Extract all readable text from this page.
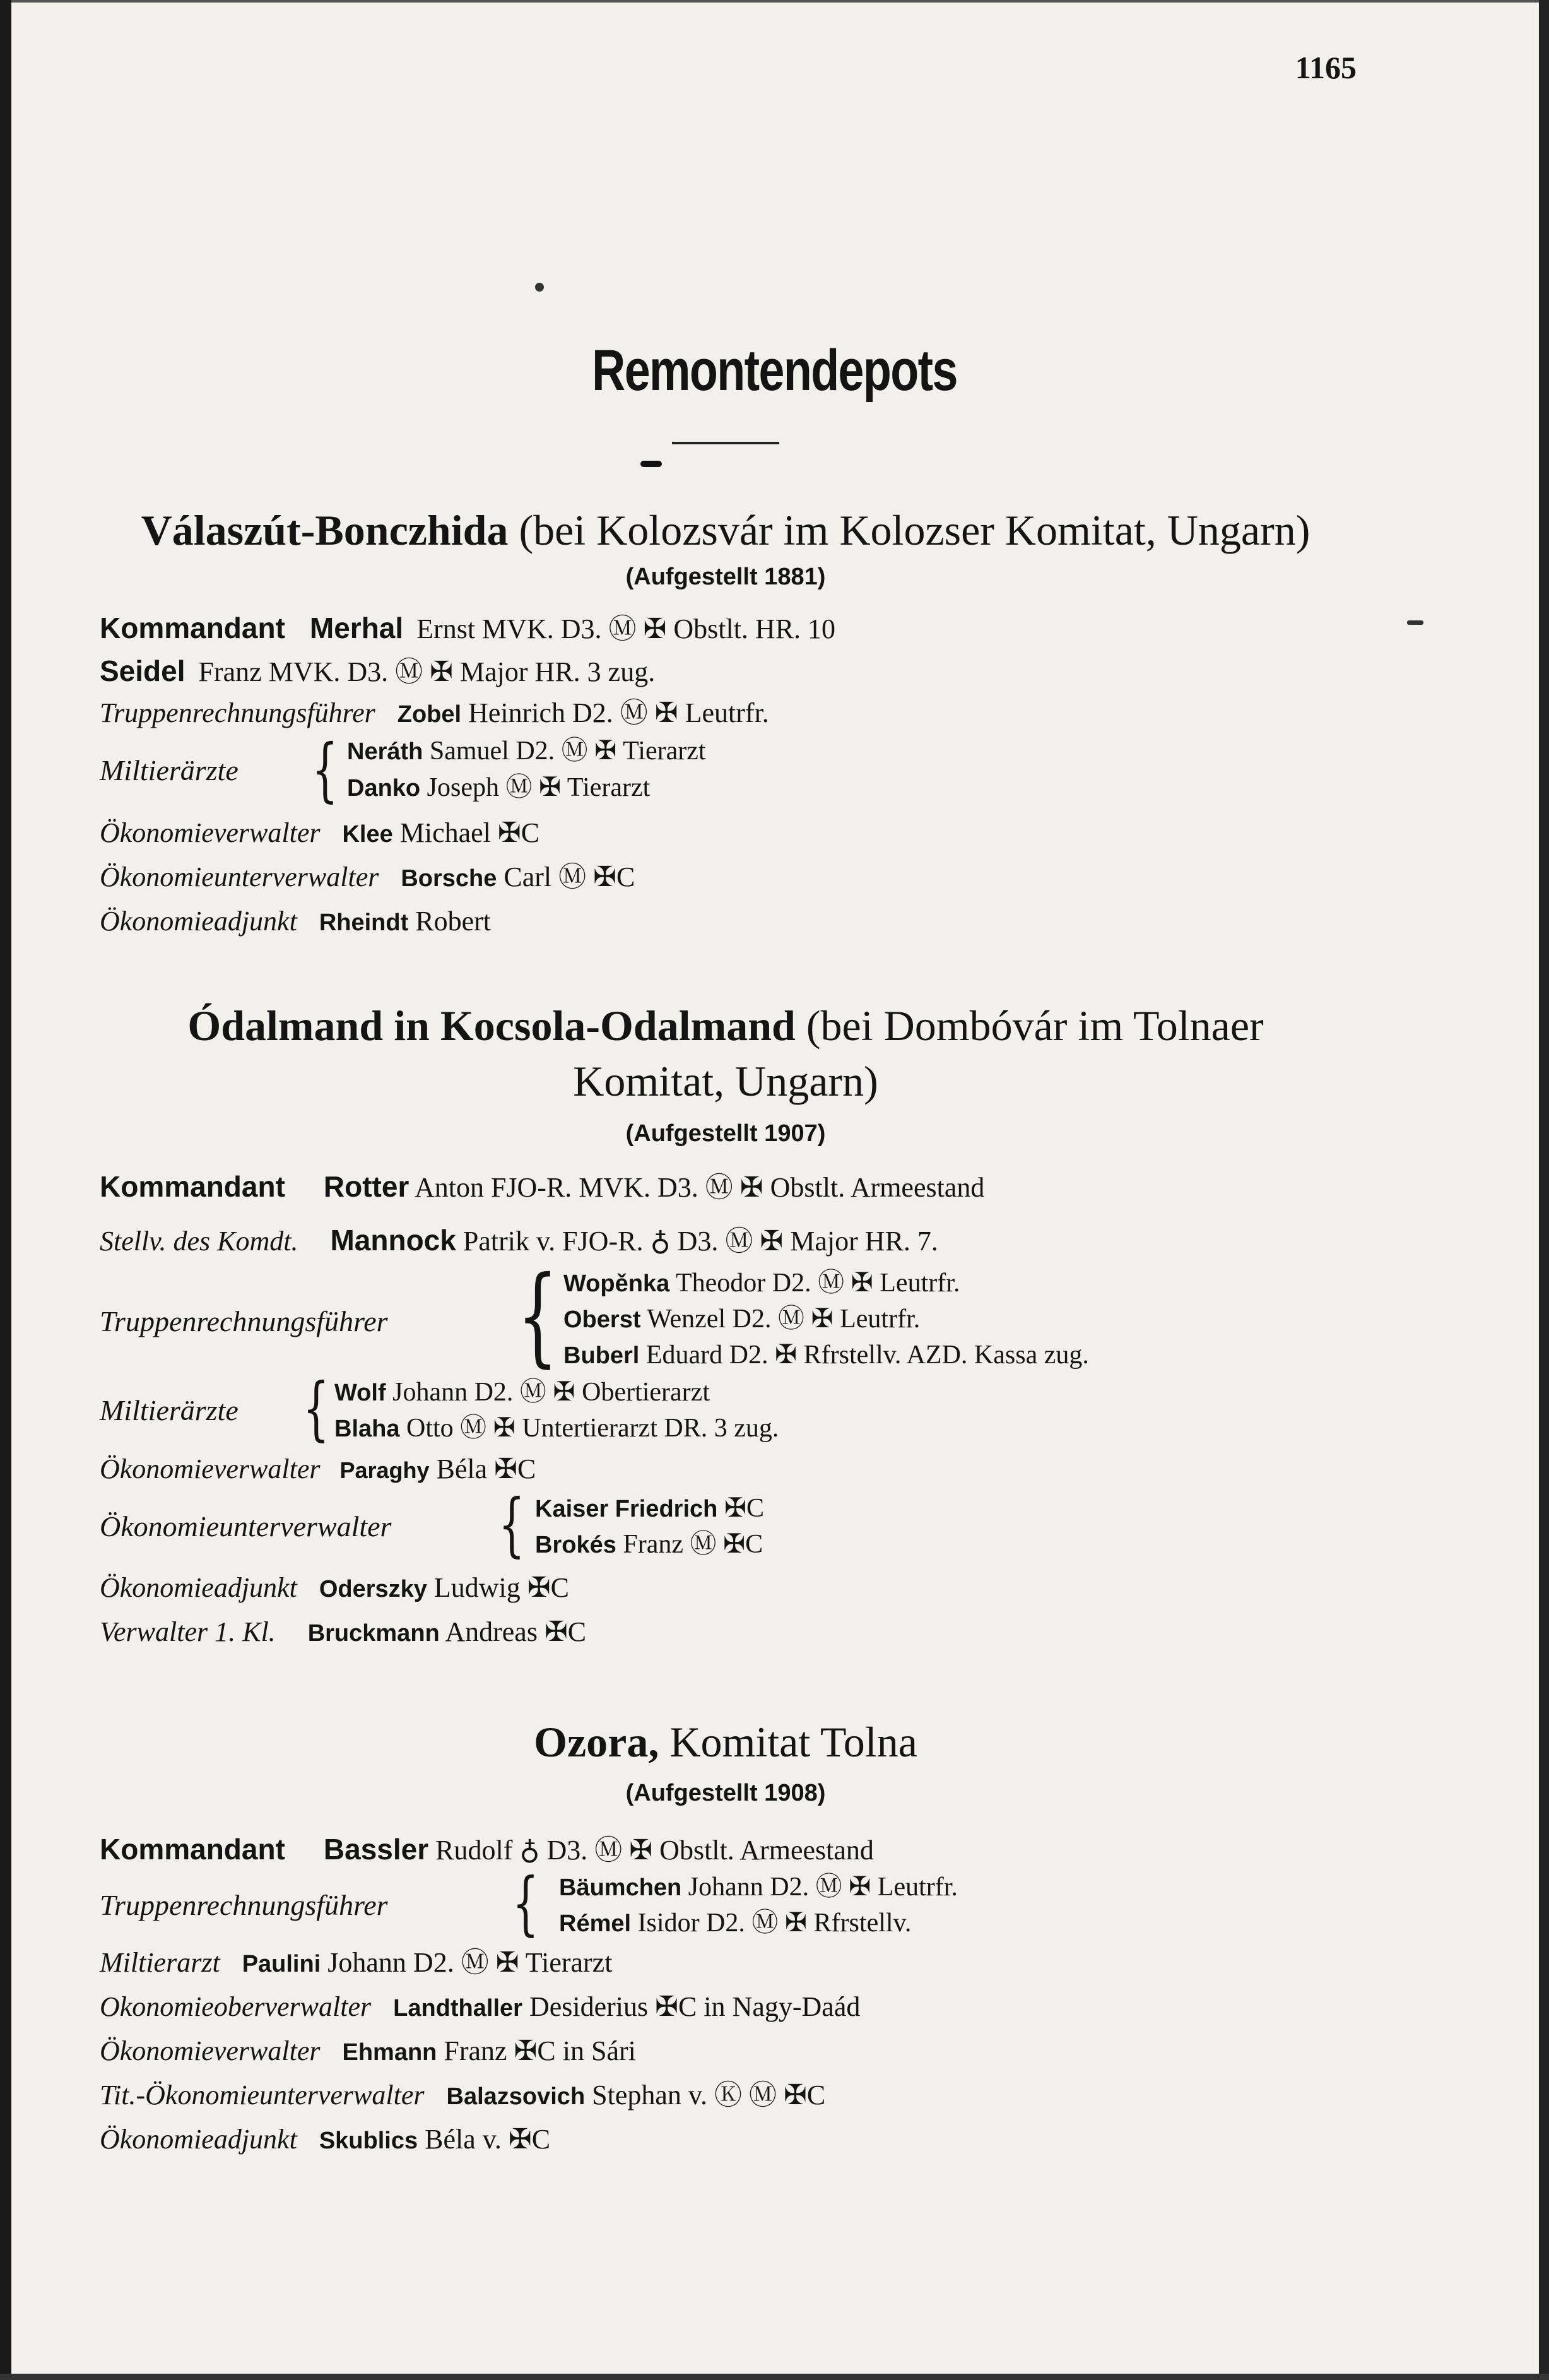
1165
Remontendepots
Válaszút-Bonczhida (bei Kolozsvár im Kolozser Komitat, Ungarn)
(Aufgestellt 1881)
Kommandant Merhal Ernst MVK. D3. Ⓜ ✠ Obstlt. HR. 10
Seidel Franz MVK. D3. Ⓜ ✠ Major HR. 3 zug.
Truppenrechnungsführer Zobel Heinrich D2. Ⓜ ✠ Leutrfr.
Miltierärzte { Neráth Samuel D2. Ⓜ ✠ Tierarzt
Danko Joseph Ⓜ ✠ Tierarzt
Ökonomieverwalter Klee Michael ✠C
Ökonomieunterverwalter Borsche Carl Ⓜ ✠C
Ökonomieadjunkt Rheindt Robert
Ódalmand in Kocsola-Odalmand (bei Dombóvár im Tolnaer
Komitat, Ungarn)
(Aufgestellt 1907)
Kommandant Rotter Anton FJO-R. MVK. D3. Ⓜ ✠ Obstlt. Armeestand
Stellv. des Komdt. Mannock Patrik v. FJO-R. ♁ D3. Ⓜ ✠ Major HR. 7.
Truppenrechnungsführer { Wopěnka Theodor D2. Ⓜ ✠ Leutrfr.
Oberst Wenzel D2. Ⓜ ✠ Leutrfr.
Buberl Eduard D2. ✠ Rfrstellv. AZD. Kassa zug.
Miltierärzte { Wolf Johann D2. Ⓜ ✠ Obertierarzt
Blaha Otto Ⓜ ✠ Untertierarzt DR. 3 zug.
Ökonomieverwalter Paraghy Béla ✠C
Ökonomieunterverwalter { Kaiser Friedrich ✠C
Brokés Franz Ⓜ ✠C
Ökonomieadjunkt Oderszky Ludwig ✠C
Verwalter 1. Kl. Bruckmann Andreas ✠C
Ozora, Komitat Tolna
(Aufgestellt 1908)
Kommandant Bassler Rudolf ♁ D3. Ⓜ ✠ Obstlt. Armeestand
Truppenrechnungsführer { Bäumchen Johann D2. Ⓜ ✠ Leutrfr.
Rémel Isidor D2. Ⓜ ✠ Rfrstellv.
Miltierarzt Paulini Johann D2. Ⓜ ✠ Tierarzt
Okonomieoberverwalter Landthaller Desiderius ✠C in Nagy-Daád
Ökonomieverwalter Ehmann Franz ✠C in Sári
Tit.-Ökonomieunterverwalter Balazsovich Stephan v. Ⓚ Ⓜ ✠C
Ökonomieadjunkt Skublics Béla v. ✠C
